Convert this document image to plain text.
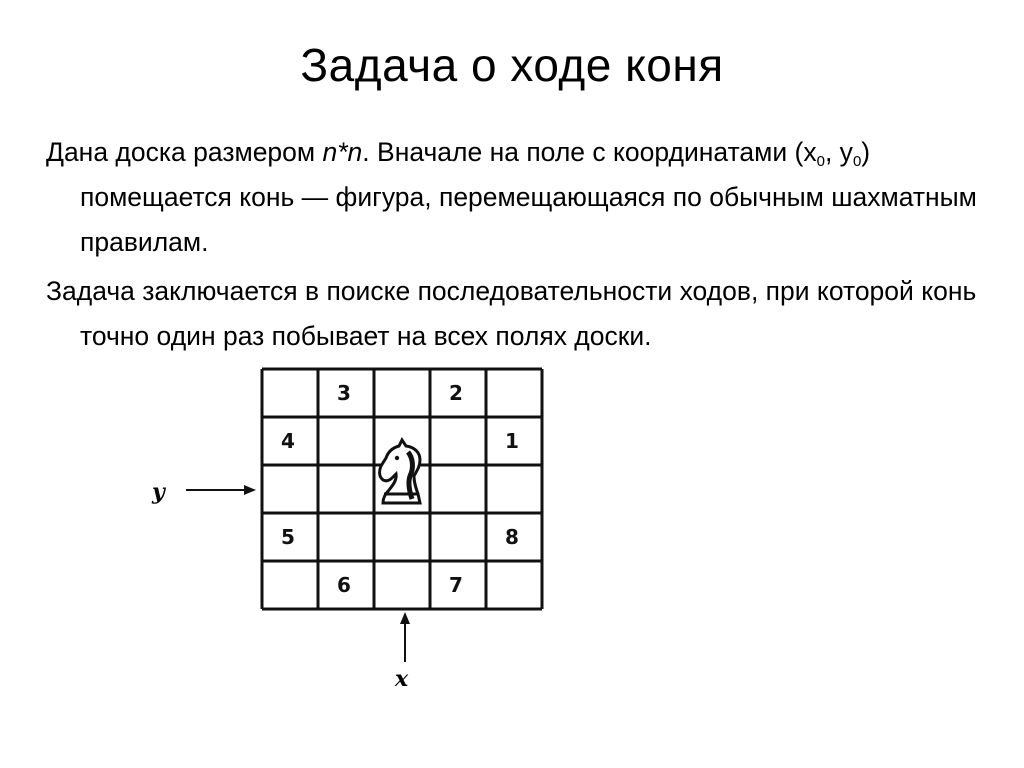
Задача о ходе коня

Дана доска размером n*n. Вначале на поле с координатами ($x_0$, $y_0$) помещается конь — фигура, перемещающаяся по обычным шахматным правилам.

Задача заключается в поиске последовательности ходов, при которой конь точно один раз побывает на всех полях доски.

1
2
3
4
5
6	7
8
y
x
